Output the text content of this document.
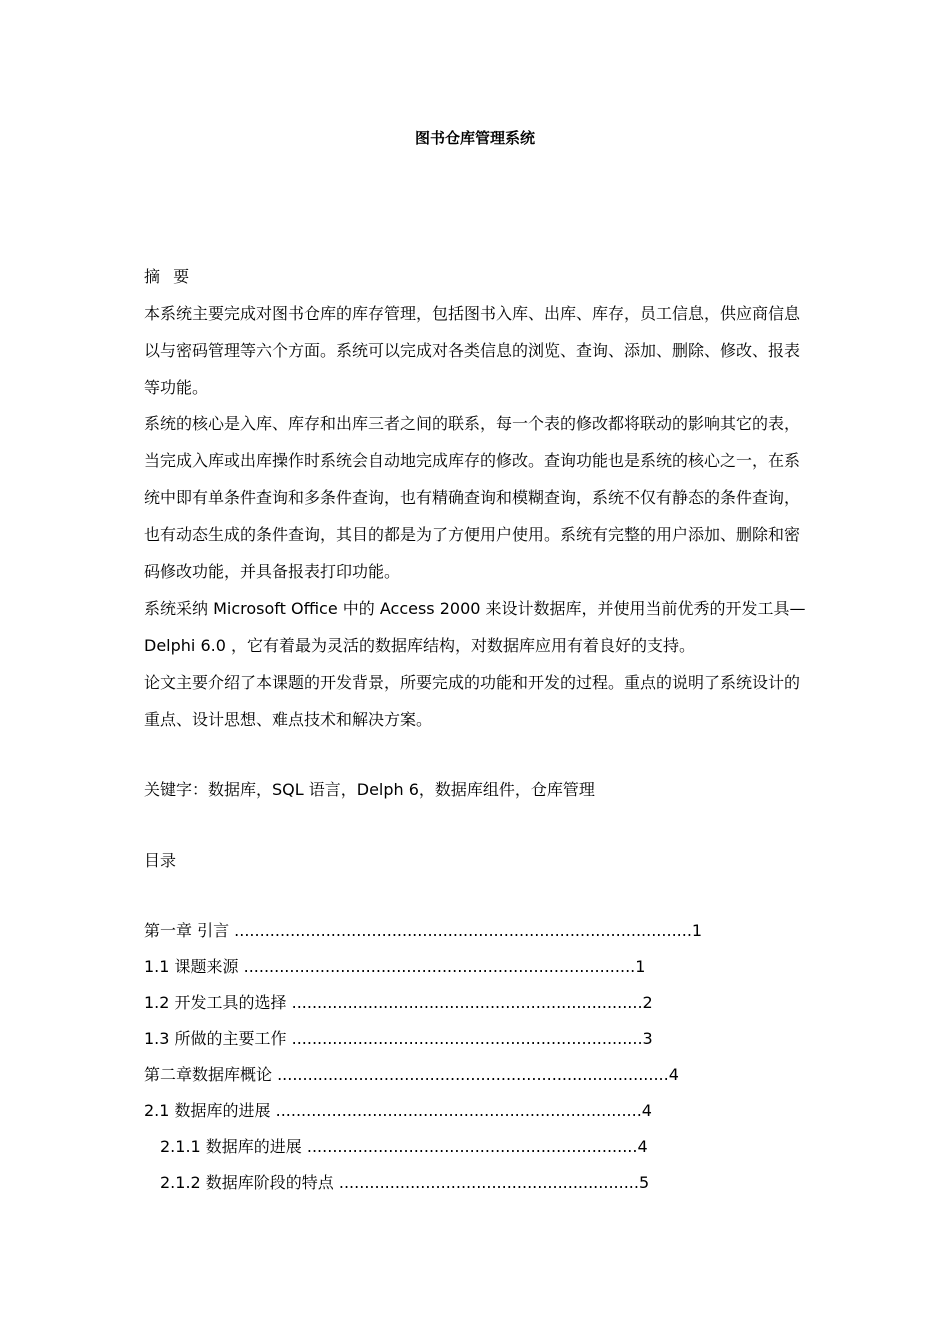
图书仓库管理系统
摘 要
本系统主要完成对图书仓库的库存管理，包括图书入库、出库、库存，员工信息，供应商信息以与密码管理等六个方面。系统可以完成对各类信息的浏览、查询、添加、删除、修改、报表等功能。
系统的核心是入库、库存和出库三者之间的联系，每一个表的修改都将联动的影响其它的表，当完成入库或出库操作时系统会自动地完成库存的修改。查询功能也是系统的核心之一，在系统中即有单条件查询和多条件查询，也有精确查询和模糊查询，系统不仅有静态的条件查询，也有动态生成的条件查询，其目的都是为了方便用户使用。系统有完整的用户添加、删除和密码修改功能，并具备报表打印功能。
系统采纳 Microsoft Office 中的 Access 2000 来设计数据库，并使用当前优秀的开发工具—Delphi 6.0 ，它有着最为灵活的数据库结构，对数据库应用有着良好的支持。
论文主要介绍了本课题的开发背景，所要完成的功能和开发的过程。重点的说明了系统设计的重点、设计思想、难点技术和解决方案。
关键字：数据库，SQL 语言，Delph 6，数据库组件，仓库管理
目录
第一章 引言 ..........................................................................................1
1.1 课题来源 .............................................................................1
1.2 开发工具的选择 .....................................................................2
1.3 所做的主要工作 .....................................................................3
第二章数据库概论 .............................................................................4
2.1 数据库的进展 ........................................................................4
2.1.1 数据库的进展 .................................................................4
2.1.2 数据库阶段的特点 ...........................................................5
